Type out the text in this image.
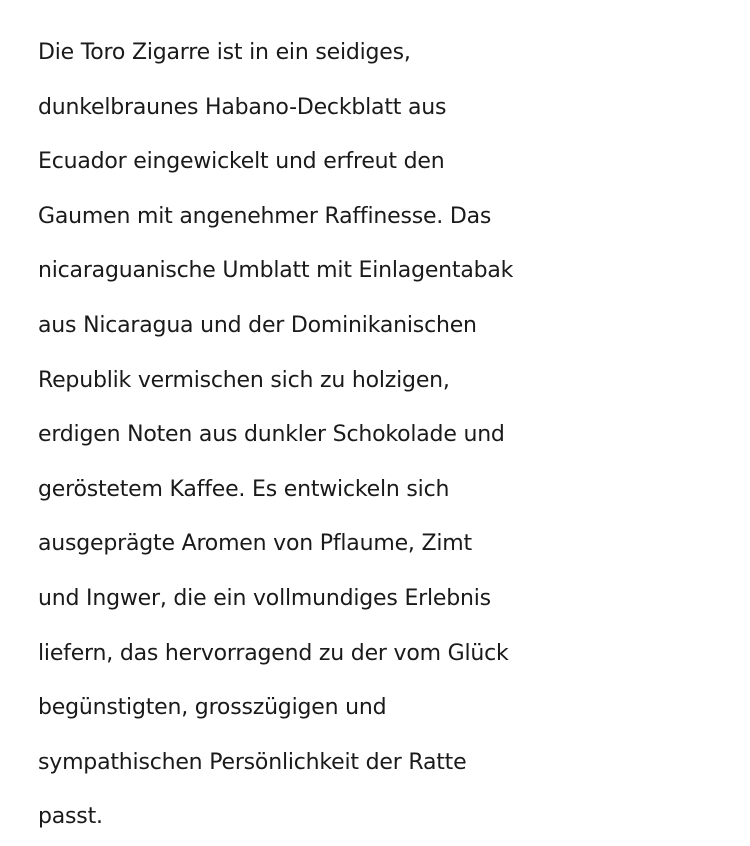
Die Toro Zigarre ist in ein seidiges,
dunkelbraunes Habano-Deckblatt aus
Ecuador eingewickelt und erfreut den
Gaumen mit angenehmer Raffinesse. Das
nicaraguanische Umblatt mit Einlagentabak
aus Nicaragua und der Dominikanischen
Republik vermischen sich zu holzigen,
erdigen Noten aus dunkler Schokolade und
geröstetem Kaffee. Es entwickeln sich
ausgeprägte Aromen von Pflaume, Zimt
und Ingwer, die ein vollmundiges Erlebnis
liefern, das hervorragend zu der vom Glück
begünstigten, grosszügigen und
sympathischen Persönlichkeit der Ratte
passt.
